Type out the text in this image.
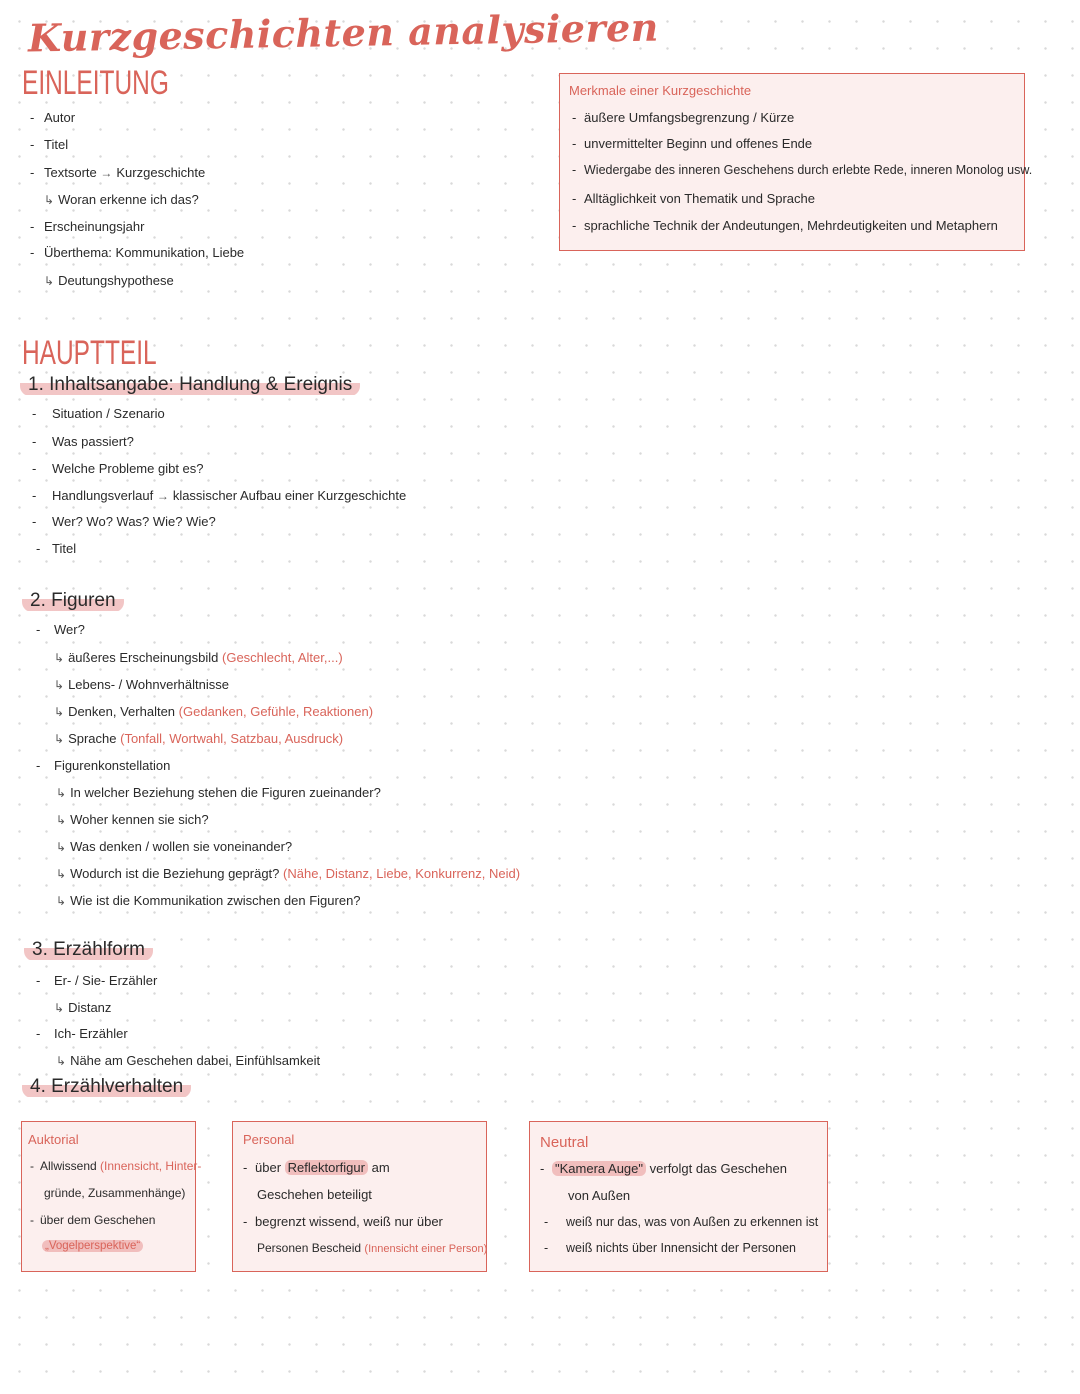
Kurzgeschichten analysieren
EINLEITUNG
- Autor
- Titel
- Textsorte → Kurzgeschichte
↳ Woran erkenne ich das?
- Erscheinungsjahr
- Überthema: Kommunikation, Liebe
↳ Deutungshypothese
Merkmale einer Kurzgeschichte
- äußere Umfangsbegrenzung / Kürze
- unvermittelter Beginn und offenes Ende
- Wiedergabe des inneren Geschehens durch erlebte Rede, inneren Monolog usw.
- Alltäglichkeit von Thematik und Sprache
- sprachliche Technik der Andeutungen, Mehrdeutigkeiten und Metaphern
HAUPTTEIL
1. Inhaltsangabe: Handlung & Ereignis
- Situation / Szenario
- Was passiert?
- Welche Probleme gibt es?
- Handlungsverlauf → klassischer Aufbau einer Kurzgeschichte
- Wer? Wo? Was? Wie? Wie?
- Titel
2. Figuren
- Wer?
↳ äußeres Erscheinungsbild (Geschlecht, Alter,...)
↳ Lebens- / Wohnverhältnisse
↳ Denken, Verhalten (Gedanken, Gefühle, Reaktionen)
↳ Sprache (Tonfall, Wortwahl, Satzbau, Ausdruck)
- Figurenkonstellation
↳ In welcher Beziehung stehen die Figuren zueinander?
↳ Woher kennen sie sich?
↳ Was denken / wollen sie voneinander?
↳ Wodurch ist die Beziehung geprägt? (Nähe, Distanz, Liebe, Konkurrenz, Neid)
↳ Wie ist die Kommunikation zwischen den Figuren?
3. Erzählform
- Er- / Sie- Erzähler
↳ Distanz
- Ich- Erzähler
↳ Nähe am Geschehen dabei, Einfühlsamkeit
4. Erzählverhalten
Auktorial
- Allwissend (Innensicht, Hinter-
gründe, Zusammenhänge)
- über dem Geschehen
„Vogelperspektive“
Personal
- über Reflektorfigur am
Geschehen beteiligt
- begrenzt wissend, weiß nur über
Personen Bescheid (Innensicht einer Person)
Neutral
- "Kamera Auge" verfolgt das Geschehen
von Außen
- weiß nur das, was von Außen zu erkennen ist
- weiß nichts über Innensicht der Personen
